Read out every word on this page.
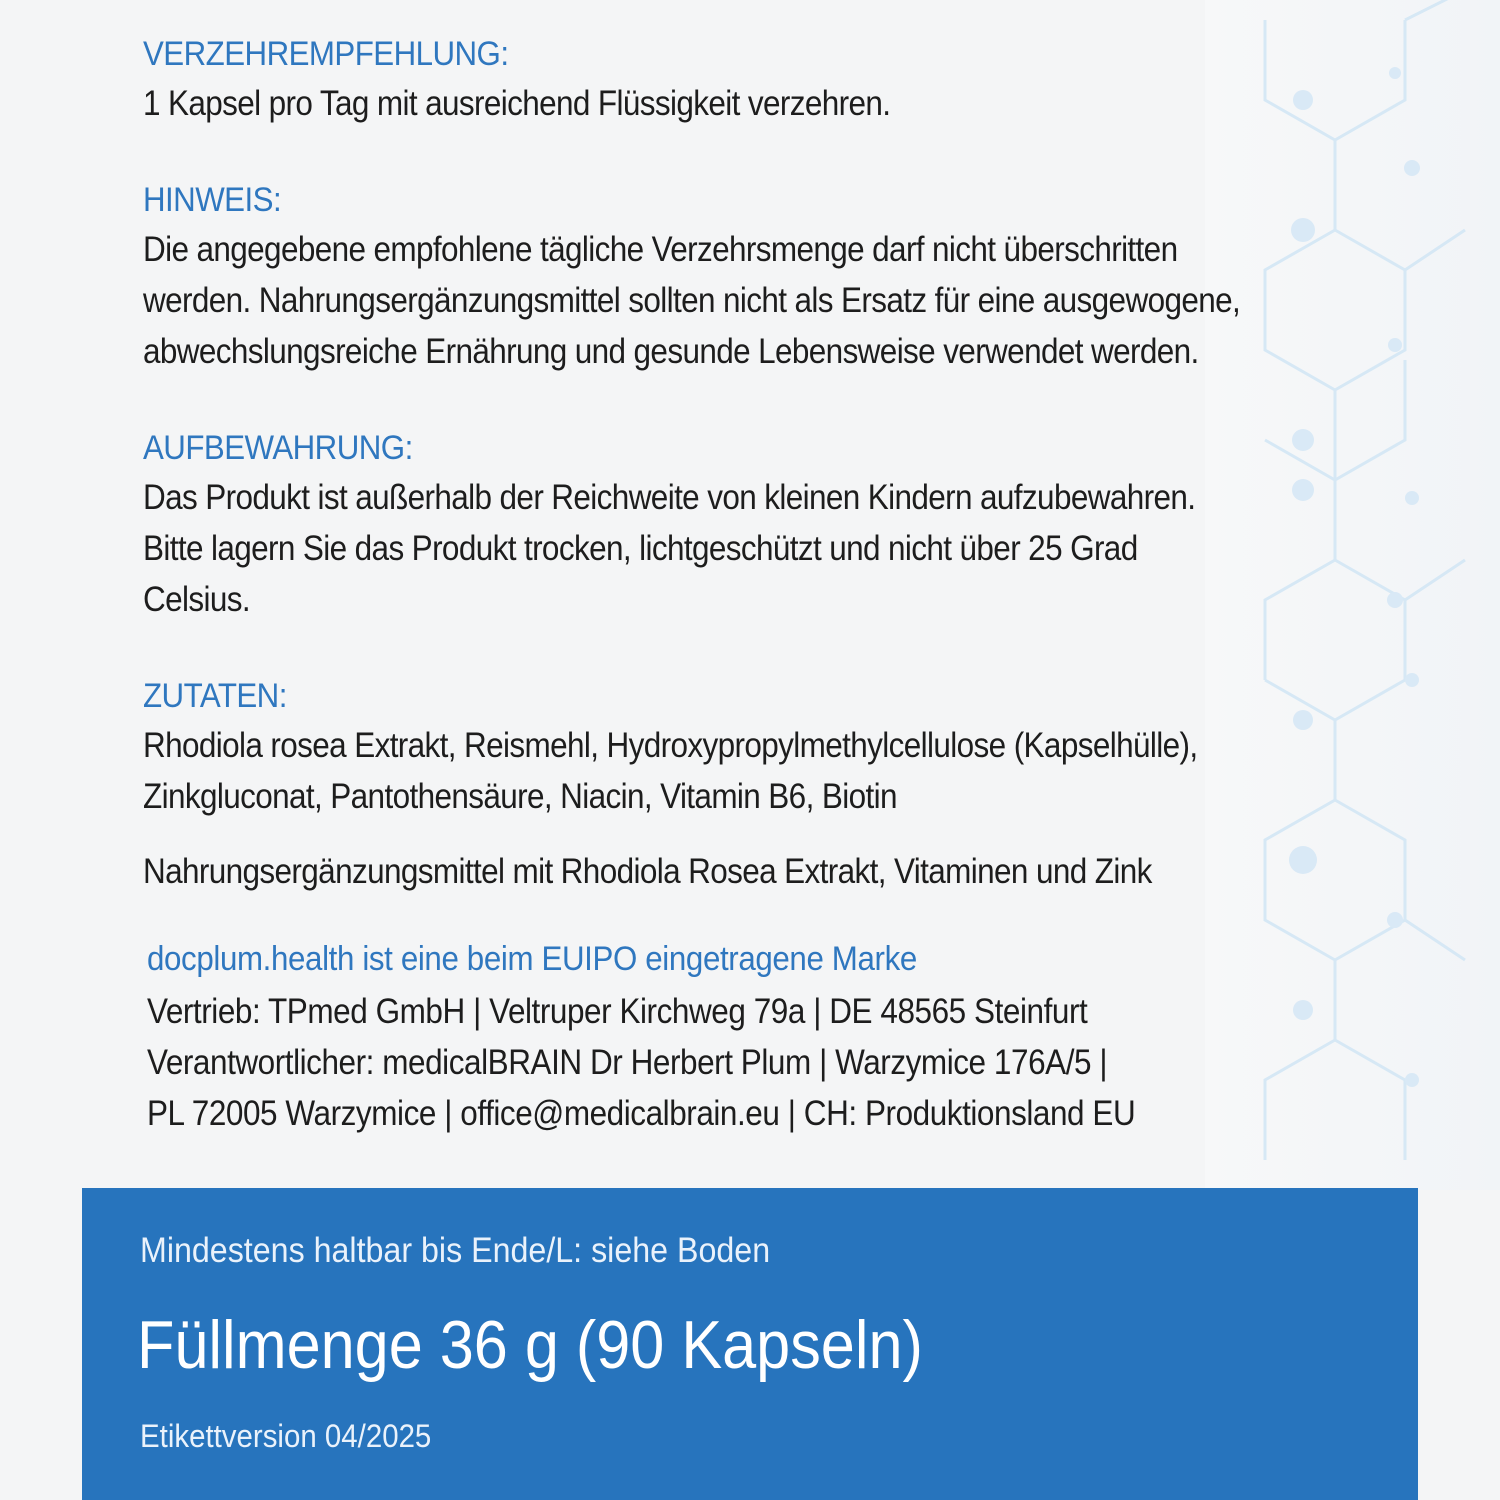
VERZEHREMPFEHLUNG:
1 Kapsel pro Tag mit ausreichend Flüssigkeit verzehren.
HINWEIS:
Die angegebene empfohlene tägliche Verzehrsmenge darf nicht überschritten
werden. Nahrungsergänzungsmittel sollten nicht als Ersatz für eine ausgewogene,
abwechslungsreiche Ernährung und gesunde Lebensweise verwendet werden.
AUFBEWAHRUNG:
Das Produkt ist außerhalb der Reichweite von kleinen Kindern aufzubewahren.
Bitte lagern Sie das Produkt trocken, lichtgeschützt und nicht über 25 Grad
Celsius.
ZUTATEN:
Rhodiola rosea Extrakt, Reismehl, Hydroxypropylmethylcellulose (Kapselhülle),
Zinkgluconat, Pantothensäure, Niacin, Vitamin B6, Biotin
Nahrungsergänzungsmittel mit Rhodiola Rosea Extrakt, Vitaminen und Zink
docplum.health ist eine beim EUIPO eingetragene Marke
Vertrieb: TPmed GmbH | Veltruper Kirchweg 79a | DE 48565 Steinfurt
Verantwortlicher: medicalBRAIN Dr Herbert Plum | Warzymice 176A/5 |
PL 72005 Warzymice | office@medicalbrain.eu | CH: Produktionsland EU
Mindestens haltbar bis Ende/L: siehe Boden
Füllmenge 36 g (90 Kapseln)
Etikettversion 04/2025
